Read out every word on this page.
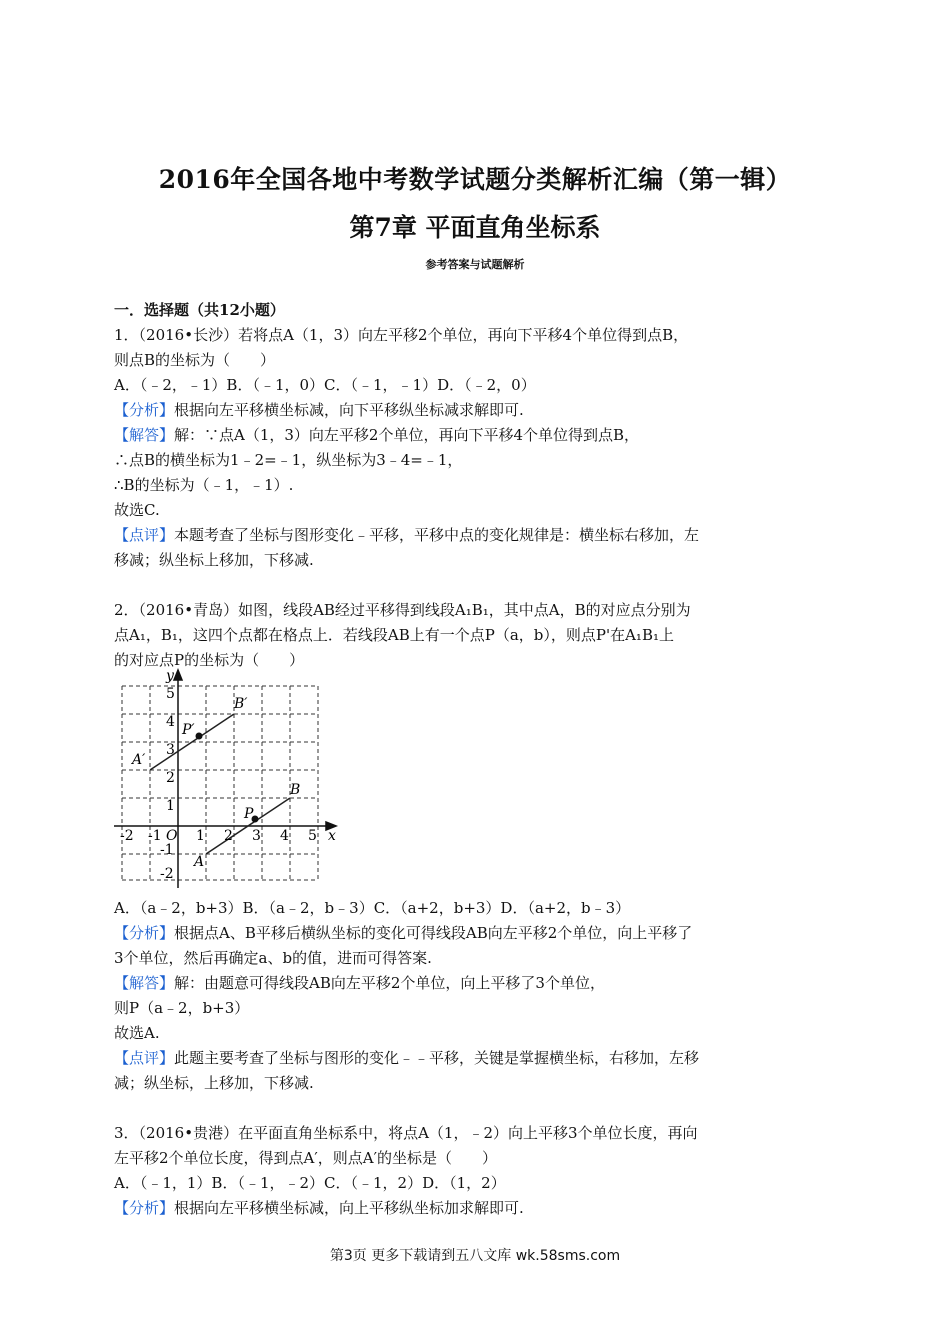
2016年全国各地中考数学试题分类解析汇编（第一辑）
第7章 平面直角坐标系
参考答案与试题解析
一．选择题（共12小题）
1．（2016•长沙）若将点A（1，3）向左平移2个单位，再向下平移4个单位得到点B，
则点B的坐标为（　　）
A．（﹣2，﹣1）B．（﹣1，0）C．（﹣1，﹣1）D．（﹣2，0）
【分析】根据向左平移横坐标减，向下平移纵坐标减求解即可.
【解答】解：∵点A（1，3）向左平移2个单位，再向下平移4个单位得到点B，
∴点B的横坐标为1﹣2=﹣1，纵坐标为3﹣4=﹣1，
∴B的坐标为（﹣1，﹣1）.
故选C.
【点评】本题考查了坐标与图形变化﹣平移，平移中点的变化规律是：横坐标右移加，左
移减；纵坐标上移加，下移减.
2．（2016•青岛）如图，线段AB经过平移得到线段A₁B₁，其中点A，B的对应点分别为
点A₁，B₁，这四个点都在格点上．若线段AB上有一个点P（a，b），则点P'在A₁B₁上
的对应点P的坐标为（　　）
y
x
O
A′
B′
P′
A
B
P
-2 -1 1 2 3 4 5
5
4
3
2
1
-1
-2
A．（a﹣2，b+3）B．（a﹣2，b﹣3）C．（a+2，b+3）D．（a+2，b﹣3）
【分析】根据点A、B平移后横纵坐标的变化可得线段AB向左平移2个单位，向上平移了
3个单位，然后再确定a、b的值，进而可得答案.
【解答】解：由题意可得线段AB向左平移2个单位，向上平移了3个单位，
则P（a﹣2，b+3）
故选A.
【点评】此题主要考查了坐标与图形的变化﹣﹣平移，关键是掌握横坐标，右移加，左移
减；纵坐标，上移加，下移减.
3．（2016•贵港）在平面直角坐标系中，将点A（1，﹣2）向上平移3个单位长度，再向
左平移2个单位长度，得到点A′，则点A′的坐标是（　　）
A．（﹣1，1）B．（﹣1，﹣2）C．（﹣1，2）D．（1，2）
【分析】根据向左平移横坐标减，向上平移纵坐标加求解即可.
第3页 更多下载请到五八文库 wk.58sms.com
